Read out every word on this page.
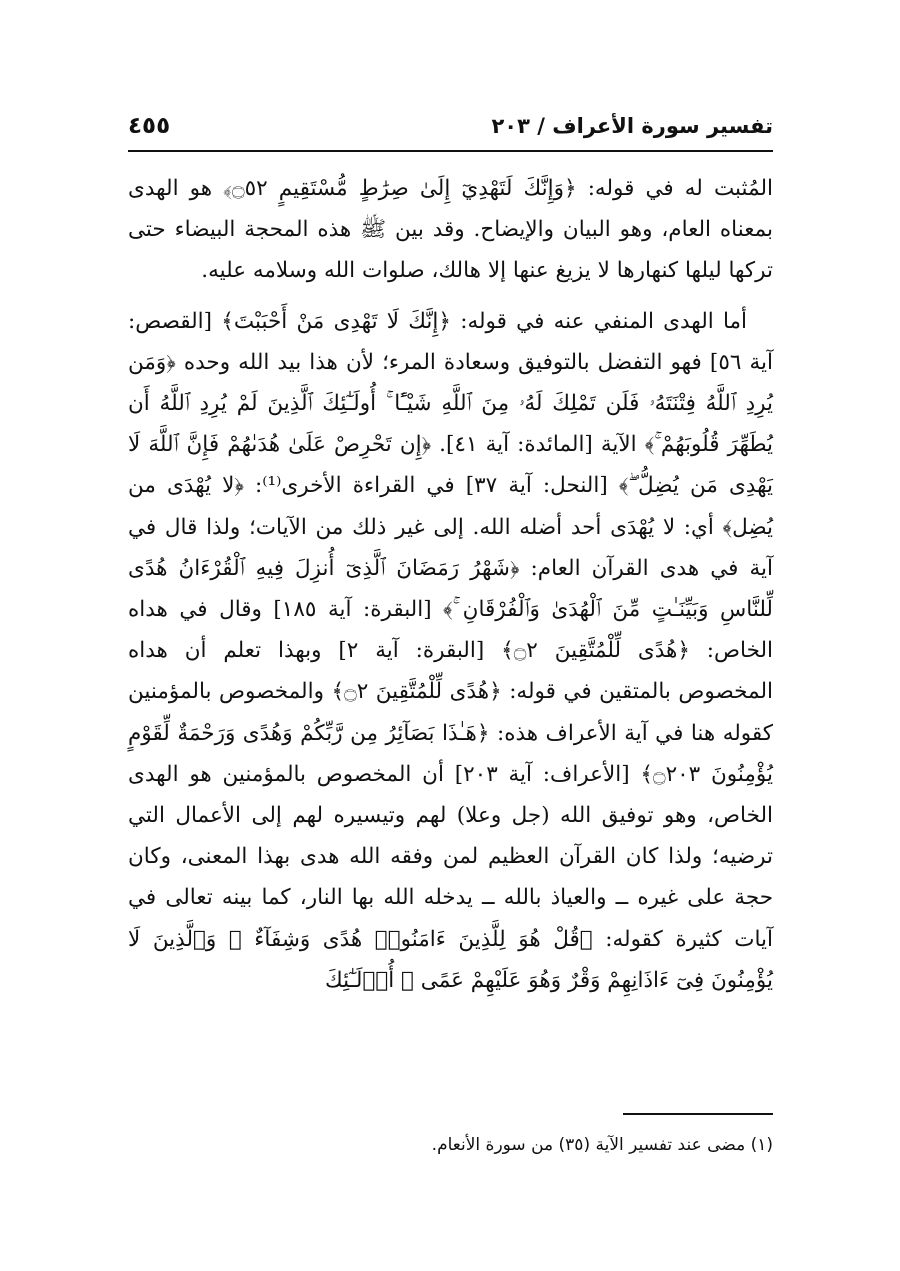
تفسير سورة الأعراف / ٢٠٣
٤٥٥

المُثبت له في قوله: ﴿وَإِنَّكَ لَتَهْدِيٓ إِلَىٰ صِرَٰطٍ مُّسْتَقِيمٍ ۝٥٢﴾ هو الهدى بمعناه العام، وهو البيان والإيضاح. وقد بين ﷺ هذه المحجة البيضاء حتى تركها ليلها كنهارها لا يزيغ عنها إلا هالك، صلوات الله وسلامه عليه.

أما الهدى المنفي عنه في قوله: ﴿إِنَّكَ لَا تَهْدِى مَنْ أَحْبَبْتَ﴾ [القصص: آية ٥٦] فهو التفضل بالتوفيق وسعادة المرء؛ لأن هذا بيد الله وحده ﴿وَمَن يُرِدِ ٱللَّهُ فِتْنَتَهُۥ فَلَن تَمْلِكَ لَهُۥ مِنَ ٱللَّهِ شَيْـًٔا ۚ أُولَـٰٓئِكَ ٱلَّذِينَ لَمْ يُرِدِ ٱللَّهُ أَن يُطَهِّرَ قُلُوبَهُمْ ۚ﴾ الآية [المائدة: آية ٤١]. ﴿إِن تَحْرِصْ عَلَىٰ هُدَىٰهُمْ فَإِنَّ ٱللَّهَ لَا يَهْدِى مَن يُضِلُّ ۖ﴾ [النحل: آية ٣٧] في القراءة الأخرى⁽¹⁾: ﴿لا يُهْدَى من يُضِل﴾ أي: لا يُهْدَى أحد أضله الله. إلى غير ذلك من الآيات؛ ولذا قال في آية في هدى القرآن العام: ﴿شَهْرُ رَمَضَانَ ٱلَّذِىٓ أُنزِلَ فِيهِ ٱلْقُرْءَانُ هُدًى لِّلنَّاسِ وَبَيِّنَـٰتٍ مِّنَ ٱلْهُدَىٰ وَٱلْفُرْقَانِ ۚ﴾ [البقرة: آية ١٨٥] وقال في هداه الخاص: ﴿هُدًى لِّلْمُتَّقِينَ ۝٢﴾ [البقرة: آية ٢] وبهذا تعلم أن هداه المخصوص بالمتقين في قوله: ﴿هُدًى لِّلْمُتَّقِينَ ۝٢﴾ والمخصوص بالمؤمنين كقوله هنا في آية الأعراف هذه: ﴿هَـٰذَا بَصَآئِرُ مِن رَّبِّكُمْ وَهُدًى وَرَحْمَةٌ لِّقَوْمٍ يُؤْمِنُونَ ۝٢٠٣﴾ [الأعراف: آية ٢٠٣] أن المخصوص بالمؤمنين هو الهدى الخاص، وهو توفيق الله (جل وعلا) لهم وتيسيره لهم إلى الأعمال التي ترضيه؛ ولذا كان القرآن العظيم لمن وفقه الله هدى بهذا المعنى، وكان حجة على غيره ــ والعياذ بالله ــ يدخله الله بها النار، كما بينه تعالى في آيات كثيرة كقوله: ﴿قُلْ هُوَ لِلَّذِينَ ءَامَنُوا۟ هُدًى وَشِفَآءٌ ۖ وَٱلَّذِينَ لَا يُؤْمِنُونَ فِىٓ ءَاذَانِهِمْ وَقْرٌ وَهُوَ عَلَيْهِمْ عَمًى ۚ أُو۟لَـٰٓئِكَ

(١) مضى عند تفسير الآية (٣٥) من سورة الأنعام.
